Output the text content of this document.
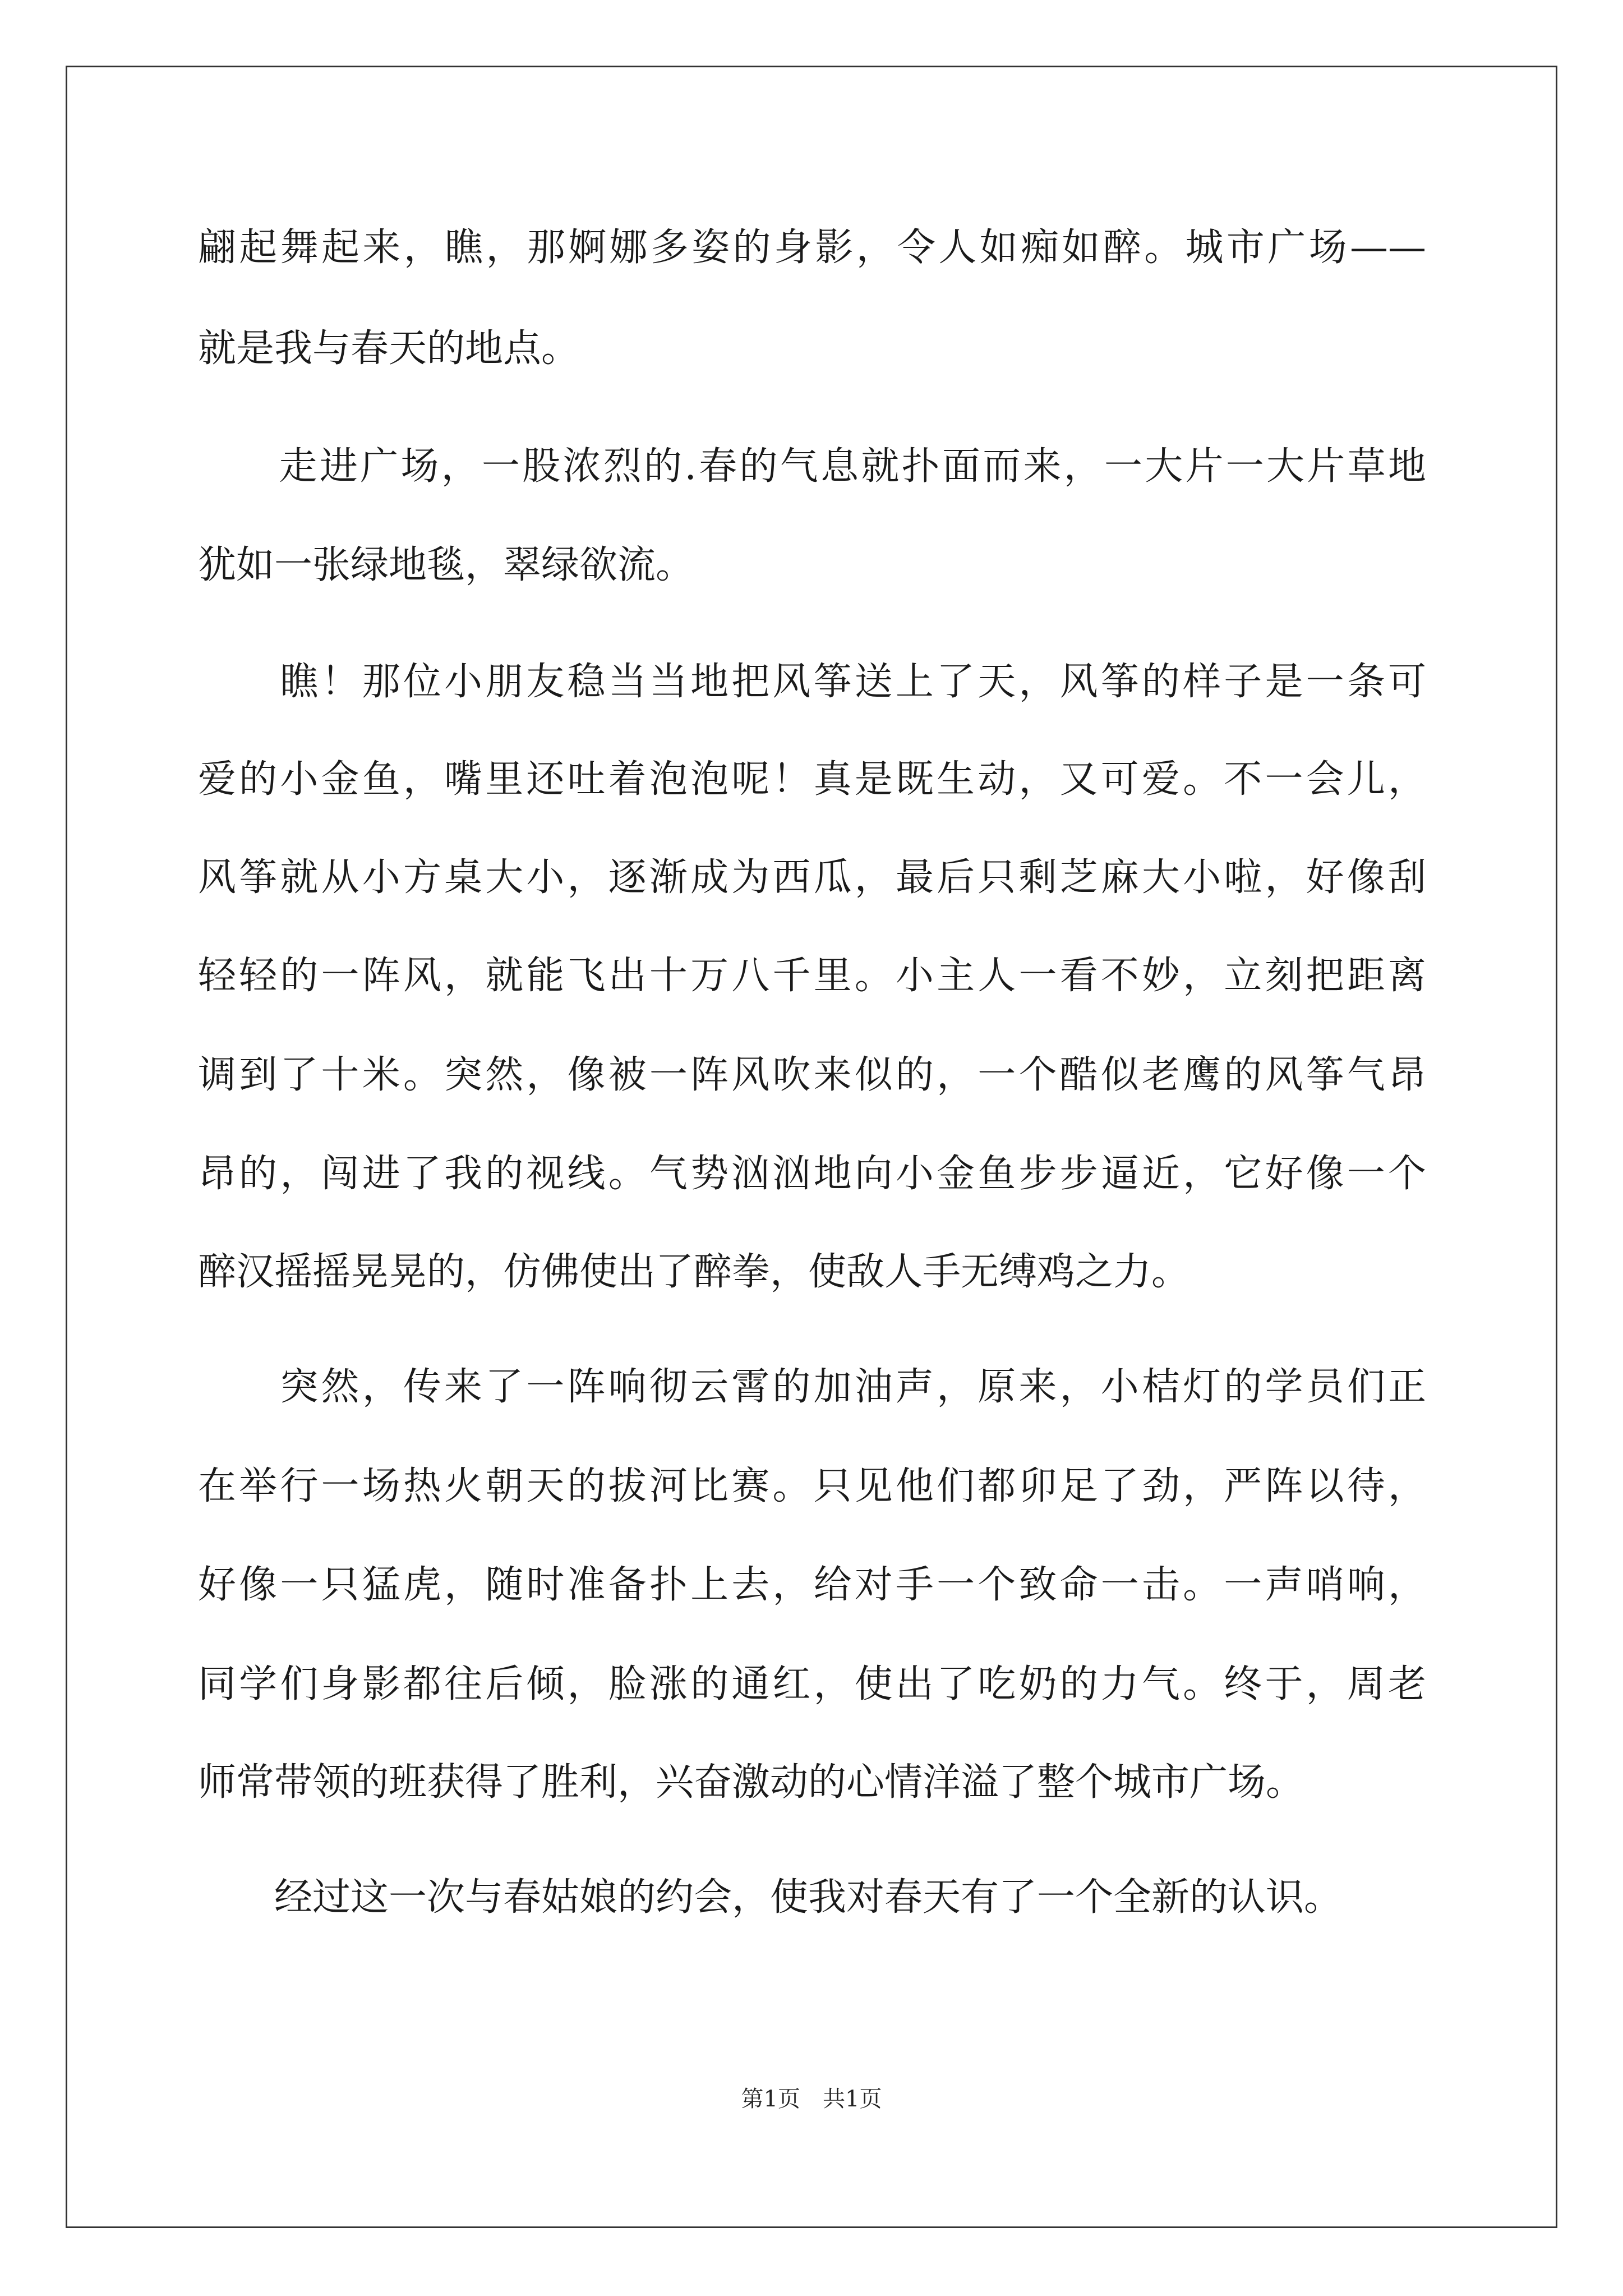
翩起舞起来，瞧，那婀娜多姿的身影，令人如痴如醉。城市广场——
就是我与春天的地点。
　　走进广场，一股浓烈的.春的气息就扑面而来，一大片一大片草地
犹如一张绿地毯，翠绿欲流。
　　瞧！那位小朋友稳当当地把风筝送上了天，风筝的样子是一条可
爱的小金鱼，嘴里还吐着泡泡呢！真是既生动，又可爱。不一会儿，
风筝就从小方桌大小，逐渐成为西瓜，最后只剩芝麻大小啦，好像刮
轻轻的一阵风，就能飞出十万八千里。小主人一看不妙，立刻把距离
调到了十米。突然，像被一阵风吹来似的，一个酷似老鹰的风筝气昂
昂的，闯进了我的视线。气势汹汹地向小金鱼步步逼近，它好像一个
醉汉摇摇晃晃的，仿佛使出了醉拳，使敌人手无缚鸡之力。
　　突然，传来了一阵响彻云霄的加油声，原来，小桔灯的学员们正
在举行一场热火朝天的拔河比赛。只见他们都卯足了劲，严阵以待，
好像一只猛虎，随时准备扑上去，给对手一个致命一击。一声哨响，
同学们身影都往后倾，脸涨的通红，使出了吃奶的力气。终于，周老
师常带领的班获得了胜利，兴奋激动的心情洋溢了整个城市广场。
　　经过这一次与春姑娘的约会，使我对春天有了一个全新的认识。
第1页　共1页
